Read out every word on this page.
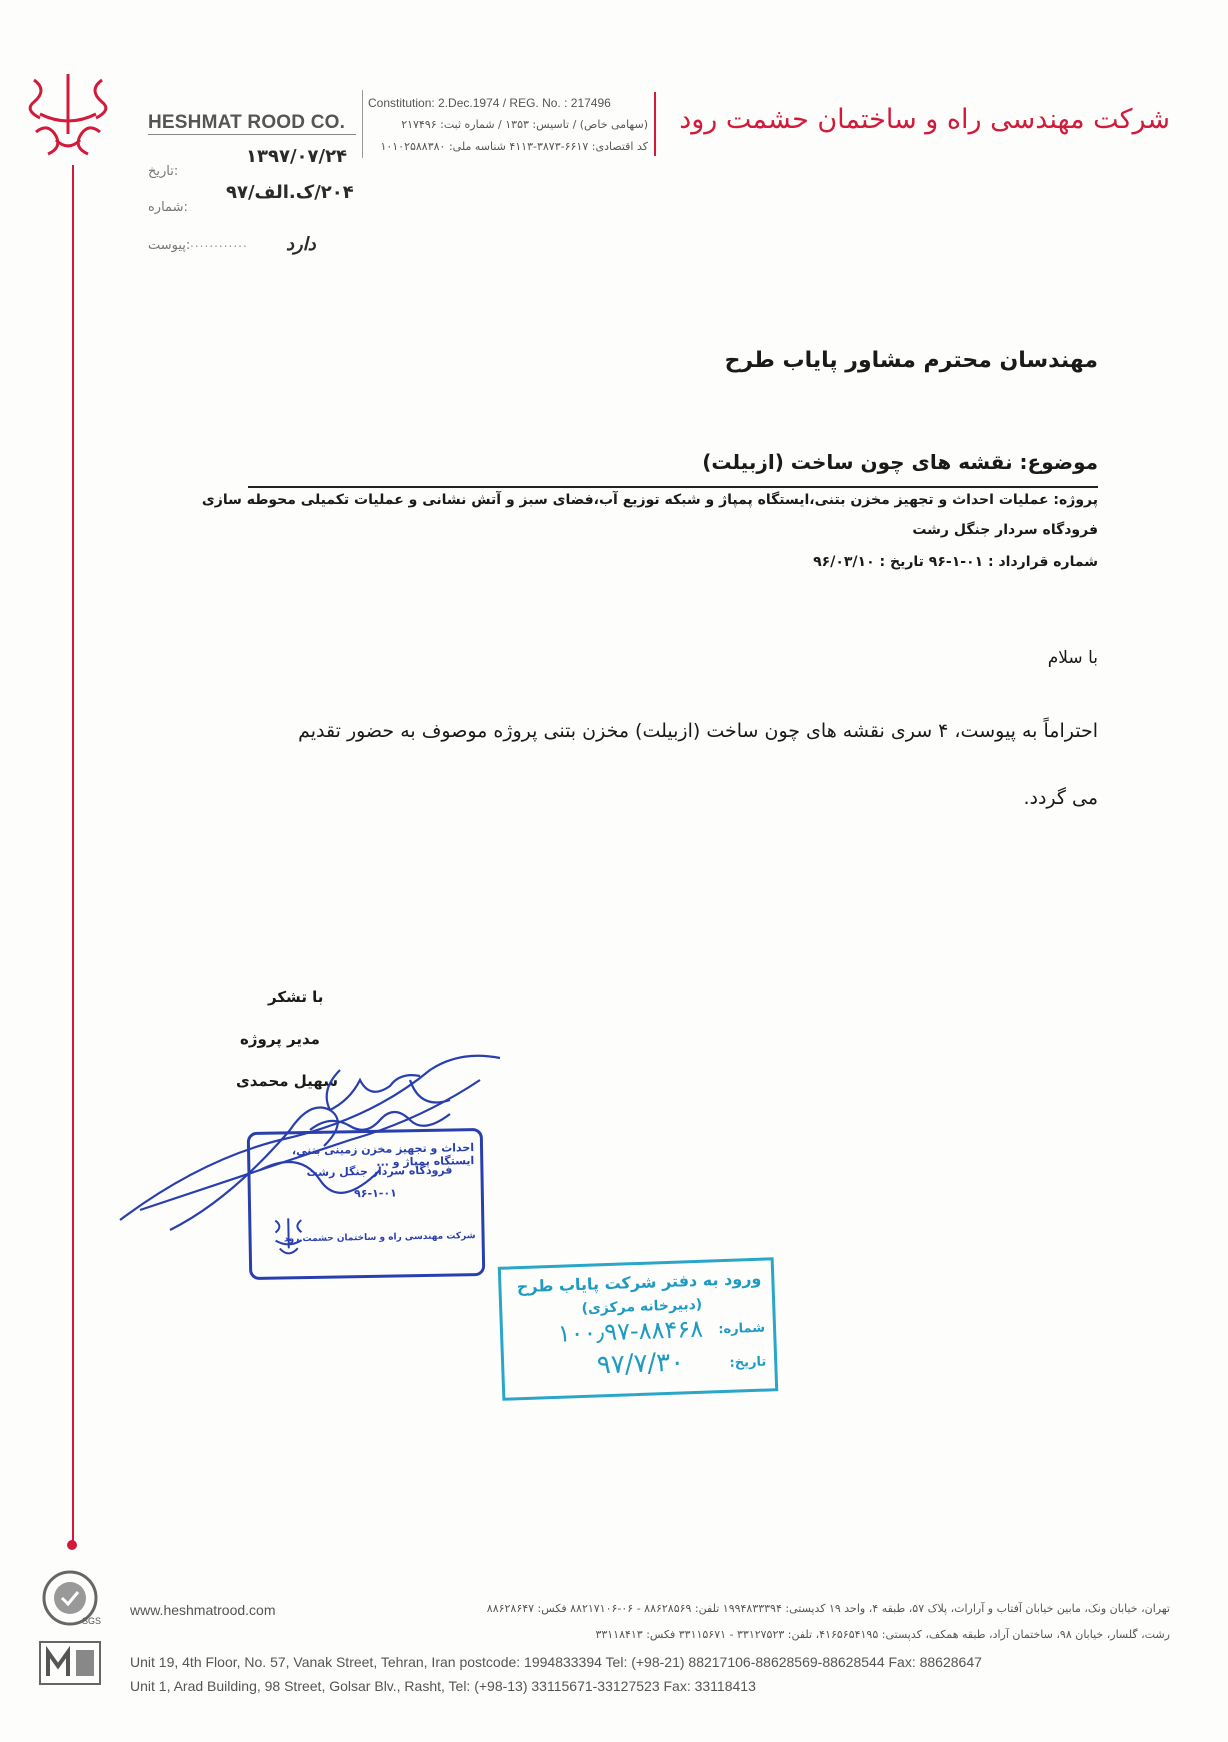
HESHMAT ROOD CO.
Constitution: 2.Dec.1974 / REG. No. : 217496
(سهامی خاص) / تاسیس: ۱۳۵۳ / شماره ثبت: ۲۱۷۴۹۶
کد اقتصادی: ۶۶۱۷-۳۸۷۳-۴۱۱۳ شناسه ملی: ۱۰۱۰۲۵۸۸۳۸۰
شرکت مهندسی راه و ساختمان حشمت رود
۱۳۹۷/۰۷/۲۴
:تاریخ
۲۰۴/ک.الف/۹۷
:شماره
دارد
:پیوست ............
مهندسان محترم مشاور پایاب طرح
موضوع: نقشه های چون ساخت (ازبیلت)
پروژه: عملیات احداث و تجهیز مخزن بتنی،ایستگاه پمپاژ و شبکه توزیع آب،فضای سبز و آتش نشانی و عملیات تکمیلی محوطه سازی
فرودگاه سردار جنگل رشت
شماره قرارداد : ۰۱-۱-۹۶ تاریخ : ۹۶/۰۳/۱۰
با سلام
احتراماً به پیوست، ۴ سری نقشه های چون ساخت (ازبیلت) مخزن بتنی پروژه موصوف به حضور تقدیم
می گردد.
با تشکر
مدیر پروژه
سهیل محمدی
احداث و تجهیز مخزن زمینی بتنی، ایستگاه پمپاژ و ...
فرودگاه سردار جنگل رشت
۹۶-۱-۰۱
شرکت مهندسی راه و ساختمان حشمت رود
ورود به دفتر شرکت پایاب طرح
(دبیرخانه مرکزی)
شماره:
۱۰۰٫۹۷-۸۸۴۶۸
تاریخ:
۹۷/۷/۳۰
SGS
www.heshmatrood.com	تهران، خیابان ونک، مابین خیابان آفتاب و آرارات، پلاک ۵۷، طبقه ۴، واحد ۱۹ کدپستی: ۱۹۹۴۸۳۳۳۹۴ تلفن: ۸۸۶۲۸۵۶۹ - ۰۶-۸۸۲۱۷۱۰۶ فکس: ۸۸۶۲۸۶۴۷
رشت، گلسار، خیابان ۹۸، ساختمان آراد، طبقه همکف، کدپستی: ۴۱۶۵۶۵۴۱۹۵، تلفن: ۳۳۱۲۷۵۲۳ - ۳۳۱۱۵۶۷۱ فکس: ۳۳۱۱۸۴۱۳
Unit 19, 4th Floor, No. 57, Vanak Street, Tehran, Iran postcode: 1994833394 Tel: (+98-21) 88217106-88628569-88628544 Fax: 88628647
Unit 1, Arad Building, 98 Street, Golsar Blv., Rasht, Tel: (+98-13) 33115671-33127523 Fax: 33118413
